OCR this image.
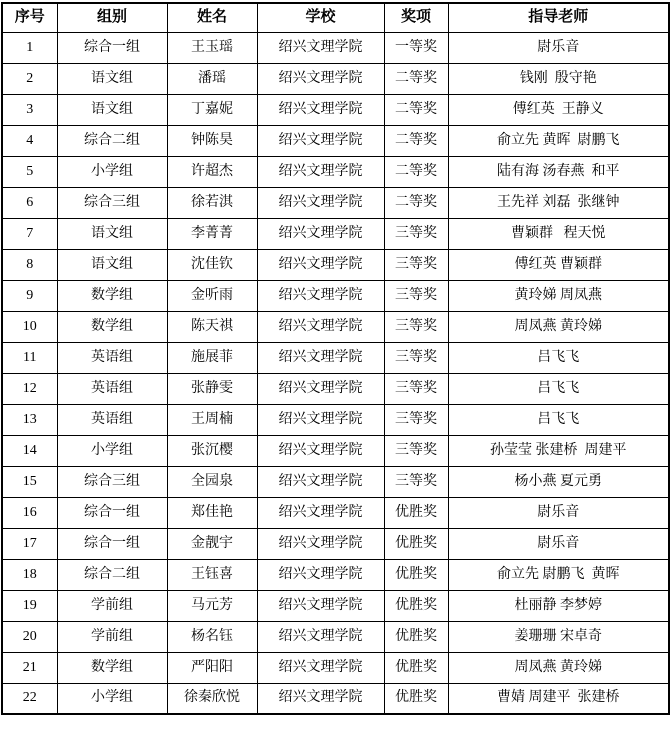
序号	组别	姓名	学校	奖项	指导老师
1	综合一组	王玉瑶	绍兴文理学院	一等奖	尉乐音
2	语文组	潘瑶	绍兴文理学院	二等奖	钱刚  殷守艳
3	语文组	丁嘉妮	绍兴文理学院	二等奖	傅红英  王静义
4	综合二组	钟陈昊	绍兴文理学院	二等奖	俞立先 黄晖  尉鹏飞
5	小学组	许超杰	绍兴文理学院	二等奖	陆有海 汤春燕  和平
6	综合三组	徐若淇	绍兴文理学院	二等奖	王先祥 刘磊  张继钟
7	语文组	李菁菁	绍兴文理学院	三等奖	曹颖群   程天悦
8	语文组	沈佳钦	绍兴文理学院	三等奖	傅红英 曹颖群
9	数学组	金听雨	绍兴文理学院	三等奖	黄玲娣 周凤燕
10	数学组	陈天祺	绍兴文理学院	三等奖	周凤燕 黄玲娣
11	英语组	施展菲	绍兴文理学院	三等奖	吕飞飞
12	英语组	张静雯	绍兴文理学院	三等奖	吕飞飞
13	英语组	王周楠	绍兴文理学院	三等奖	吕飞飞
14	小学组	张沉樱	绍兴文理学院	三等奖	孙莹莹 张建桥  周建平
15	综合三组	全园泉	绍兴文理学院	三等奖	杨小燕 夏元勇
16	综合一组	郑佳艳	绍兴文理学院	优胜奖	尉乐音
17	综合一组	金靓宇	绍兴文理学院	优胜奖	尉乐音
18	综合二组	王钰喜	绍兴文理学院	优胜奖	俞立先 尉鹏飞  黄晖
19	学前组	马元芳	绍兴文理学院	优胜奖	杜丽静 李梦婷
20	学前组	杨名钰	绍兴文理学院	优胜奖	姜珊珊 宋卓奇
21	数学组	严阳阳	绍兴文理学院	优胜奖	周凤燕 黄玲娣
22	小学组	徐秦欣悦	绍兴文理学院	优胜奖	曹婧 周建平  张建桥
